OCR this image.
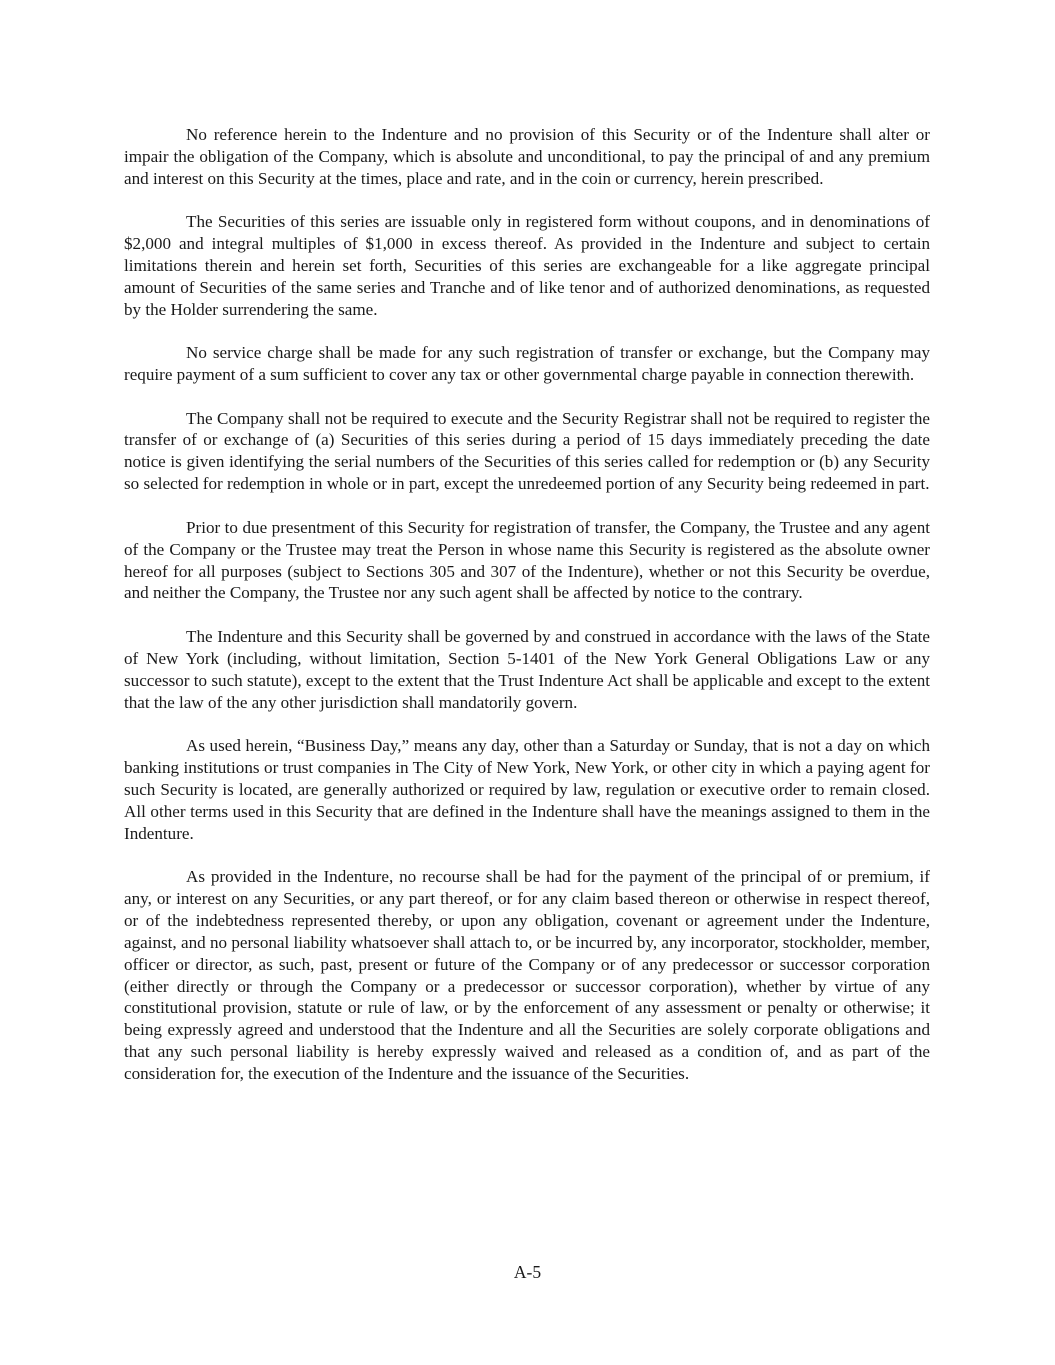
No reference herein to the Indenture and no provision of this Security or of the Indenture shall alter or impair the obligation of the Company, which is absolute and unconditional, to pay the principal of and any premium and interest on this Security at the times, place and rate, and in the coin or currency, herein prescribed.

The Securities of this series are issuable only in registered form without coupons, and in denominations of $2,000 and integral multiples of $1,000 in excess thereof. As provided in the Indenture and subject to certain limitations therein and herein set forth, Securities of this series are exchangeable for a like aggregate principal amount of Securities of the same series and Tranche and of like tenor and of authorized denominations, as requested by the Holder surrendering the same.

No service charge shall be made for any such registration of transfer or exchange, but the Company may require payment of a sum sufficient to cover any tax or other governmental charge payable in connection therewith.

The Company shall not be required to execute and the Security Registrar shall not be required to register the transfer of or exchange of (a) Securities of this series during a period of 15 days immediately preceding the date notice is given identifying the serial numbers of the Securities of this series called for redemption or (b) any Security so selected for redemption in whole or in part, except the unredeemed portion of any Security being redeemed in part.

Prior to due presentment of this Security for registration of transfer, the Company, the Trustee and any agent of the Company or the Trustee may treat the Person in whose name this Security is registered as the absolute owner hereof for all purposes (subject to Sections 305 and 307 of the Indenture), whether or not this Security be overdue, and neither the Company, the Trustee nor any such agent shall be affected by notice to the contrary.

The Indenture and this Security shall be governed by and construed in accordance with the laws of the State of New York (including, without limitation, Section 5-1401 of the New York General Obligations Law or any successor to such statute), except to the extent that the Trust Indenture Act shall be applicable and except to the extent that the law of the any other jurisdiction shall mandatorily govern.

As used herein, “Business Day,” means any day, other than a Saturday or Sunday, that is not a day on which banking institutions or trust companies in The City of New York, New York, or other city in which a paying agent for such Security is located, are generally authorized or required by law, regulation or executive order to remain closed. All other terms used in this Security that are defined in the Indenture shall have the meanings assigned to them in the Indenture.

As provided in the Indenture, no recourse shall be had for the payment of the principal of or premium, if any, or interest on any Securities, or any part thereof, or for any claim based thereon or otherwise in respect thereof, or of the indebtedness represented thereby, or upon any obligation, covenant or agreement under the Indenture, against, and no personal liability whatsoever shall attach to, or be incurred by, any incorporator, stockholder, member, officer or director, as such, past, present or future of the Company or of any predecessor or successor corporation (either directly or through the Company or a predecessor or successor corporation), whether by virtue of any constitutional provision, statute or rule of law, or by the enforcement of any assessment or penalty or otherwise; it being expressly agreed and understood that the Indenture and all the Securities are solely corporate obligations and that any such personal liability is hereby expressly waived and released as a condition of, and as part of the consideration for, the execution of the Indenture and the issuance of the Securities.

A-5
